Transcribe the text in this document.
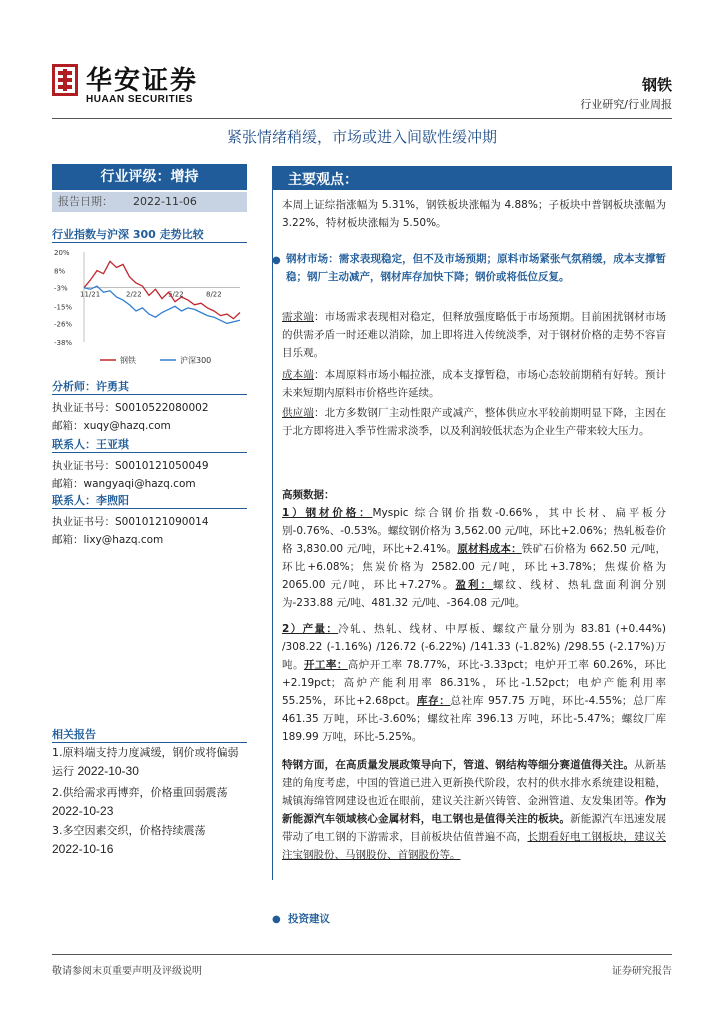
华安证券
HUAAN SECURITIES
钢铁
行业研究/行业周报
紧张情绪稍缓，市场或进入间歇性缓冲期
行业评级：增持
报告日期： 2022-11-06
行业指数与沪深 300 走势比较
20%
8%
-3%
-15%
-26%
-38%
11/21	2/22	5/22	8/22
钢铁	沪深300
分析师：许勇其
执业证书号：S0010522080002
邮箱：xuqy@hazq.com
联系人：王亚琪
执业证书号：S0010121050049
邮箱：wangyaqi@hazq.com
联系人：李煦阳
执业证书号：S0010121090014
邮箱：lixy@hazq.com
相关报告
1.原料端支持力度减缓，钢价或将偏弱运行 2022-10-30
2.供给需求再博弈，价格重回弱震荡
2022-10-23
3.多空因素交织，价格持续震荡
2022-10-16
主要观点：
本周上证综指涨幅为 5.31%，钢铁板块涨幅为 4.88%；子板块中普钢板块涨幅为 3.22%，特材板块涨幅为 5.50%。
● 钢材市场：需求表现稳定，但不及市场预期；原料市场紧张气氛稍缓，成本支撑暂稳；钢厂主动减产，钢材库存加快下降；钢价或将低位反复。
需求端：市场需求表现相对稳定，但释放强度略低于市场预期。目前困扰钢材市场的供需矛盾一时还难以消除，加上即将进入传统淡季，对于钢材价格的走势不容盲目乐观。
成本端：本周原料市场小幅拉涨，成本支撑暂稳，市场心态较前期稍有好转。预计未来短期内原料市价格些许延续。
供应端：北方多数钢厂主动性限产或减产，整体供应水平较前期明显下降，主因在于北方即将进入季节性需求淡季，以及利润较低状态为企业生产带来较大压力。
高频数据：
1）钢材价格：Myspic 综合钢价指数-0.66%，其中长材、扁平板分别-0.76%、-0.53%。螺纹钢价格为 3,562.00 元/吨，环比+2.06%；热轧板卷价格 3,830.00 元/吨，环比+2.41%。原材料成本：铁矿石价格为 662.50 元/吨，环比+6.08%；焦炭价格为 2582.00 元/吨，环比+3.78%；焦煤价格为 2065.00 元/吨，环比+7.27%。盈利：螺纹、线材、热轧盘面利润分别为-233.88 元/吨、481.32 元/吨、-364.08 元/吨。
2）产量：冷轧、热轧、线材、中厚板、螺纹产量分别为 83.81 (+0.44%) /308.22 (-1.16%) /126.72 (-6.22%) /141.33 (-1.82%) /298.55 (-2.17%)万吨。开工率：高炉开工率 78.77%，环比-3.33pct；电炉开工率 60.26%，环比+2.19pct；高炉产能利用率 86.31%，环比-1.52pct；电炉产能利用率 55.25%，环比+2.68pct。库存：总社库 957.75 万吨，环比-4.55%；总厂库 461.35 万吨，环比-3.60%；螺纹社库 396.13 万吨，环比-5.47%；螺纹厂库 189.99 万吨，环比-5.25%。
特钢方面，在高质量发展政策导向下，管道、钢结构等细分赛道值得关注。从新基建的角度考虑，中国的管道已进入更新换代阶段，农村的供水排水系统建设粗糙，城镇海绵管网建设也近在眼前，建议关注新兴铸管、金洲管道、友发集团等。作为新能源汽车领域核心金属材料，电工钢也是值得关注的板块。新能源汽车迅速发展带动了电工钢的下游需求，目前板块估值普遍不高，长期看好电工钢板块，建议关注宝钢股份、马钢股份、首钢股份等。
● 投资建议
敬请参阅末页重要声明及评级说明	证券研究报告
